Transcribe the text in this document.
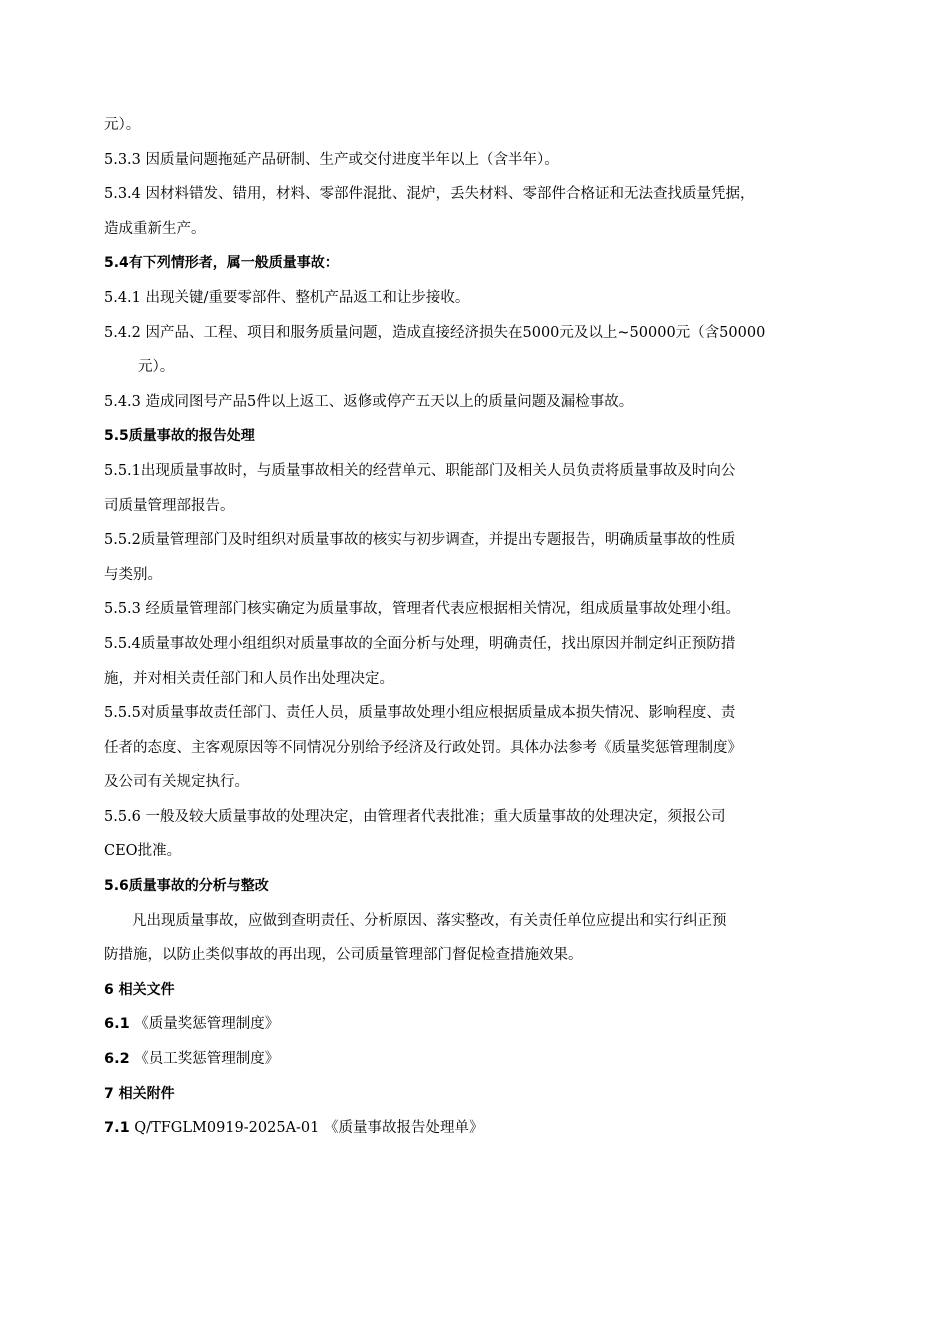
元）。
5.3.3 因质量问题拖延产品研制、生产或交付进度半年以上（含半年）。
5.3.4 因材料错发、错用，材料、零部件混批、混炉，丢失材料、零部件合格证和无法查找质量凭据，
造成重新生产。
5.4有下列情形者，属一般质量事故：
5.4.1 出现关键/重要零部件、整机产品返工和让步接收。
5.4.2 因产品、工程、项目和服务质量问题，造成直接经济损失在5000元及以上~50000元（含50000
元）。
5.4.3 造成同图号产品5件以上返工、返修或停产五天以上的质量问题及漏检事故。
5.5质量事故的报告处理
5.5.1出现质量事故时，与质量事故相关的经营单元、职能部门及相关人员负责将质量事故及时向公
司质量管理部报告。
5.5.2质量管理部门及时组织对质量事故的核实与初步调查，并提出专题报告，明确质量事故的性质
与类别。
5.5.3 经质量管理部门核实确定为质量事故，管理者代表应根据相关情况，组成质量事故处理小组。
5.5.4质量事故处理小组组织对质量事故的全面分析与处理，明确责任，找出原因并制定纠正预防措
施，并对相关责任部门和人员作出处理决定。
5.5.5对质量事故责任部门、责任人员，质量事故处理小组应根据质量成本损失情况、影响程度、责
任者的态度、主客观原因等不同情况分别给予经济及行政处罚。具体办法参考《质量奖惩管理制度》
及公司有关规定执行。
5.5.6 一般及较大质量事故的处理决定，由管理者代表批准；重大质量事故的处理决定，须报公司
CEO批准。
5.6质量事故的分析与整改
凡出现质量事故，应做到查明责任、分析原因、落实整改，有关责任单位应提出和实行纠正预
防措施，以防止类似事故的再出现，公司质量管理部门督促检查措施效果。
6 相关文件
6.1 《质量奖惩管理制度》
6.2 《员工奖惩管理制度》
7 相关附件
7.1 Q/TFGLM0919-2025A-01 《质量事故报告处理单》
